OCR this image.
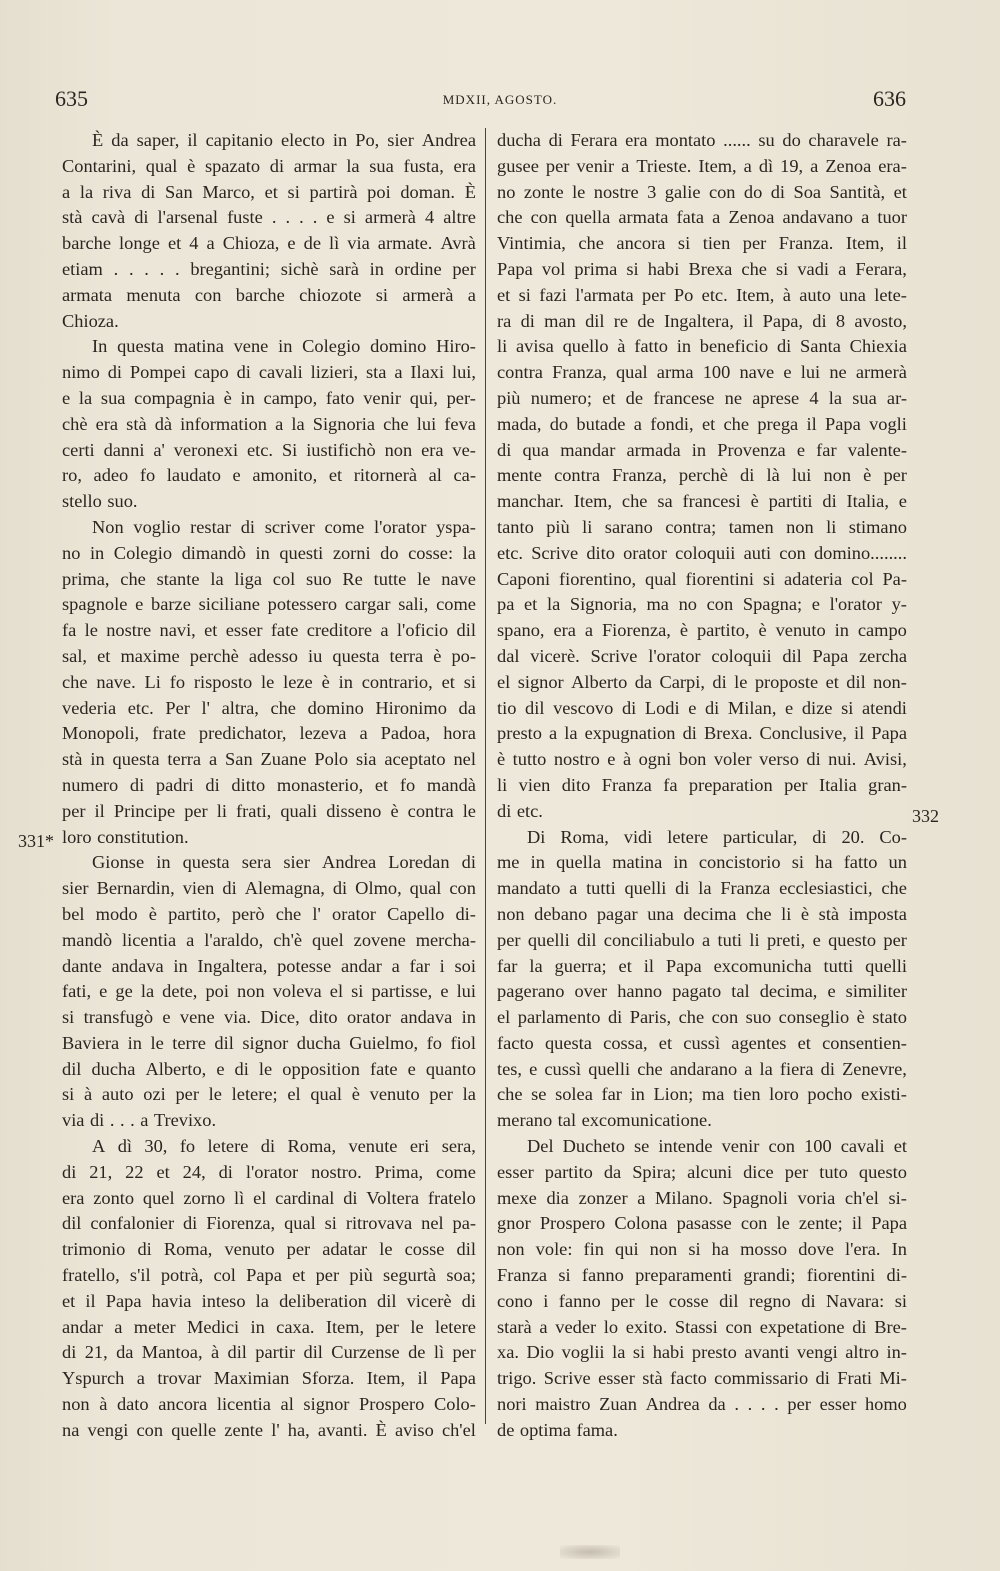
635	MDXII, AGOSTO.	636
È da saper, il capitanio electo in Po, sier Andrea
Contarini, qual è spazato di armar la sua fusta, era
a la riva di San Marco, et si partirà poi doman. È
stà cavà di l'arsenal fuste . . . . e si armerà 4 altre
barche longe et 4 a Chioza, e de lì via armate. Avrà
etiam . . . . . bregantini; sichè sarà in ordine per
armata menuta con barche chiozote si armerà a
Chioza.
In questa matina vene in Colegio domino Hiro-
nimo di Pompei capo di cavali lizieri, sta a Ilaxi lui,
e la sua compagnia è in campo, fato venir qui, per-
chè era stà dà information a la Signoria che lui feva
certi danni a' veronexi etc. Si iustifichò non era ve-
ro, adeo fo laudato e amonito, et ritornerà al ca-
stello suo.
Non voglio restar di scriver come l'orator yspa-
no in Colegio dimandò in questi zorni do cosse: la
prima, che stante la liga col suo Re tutte le nave
spagnole e barze siciliane potessero cargar sali, come
fa le nostre navi, et esser fate creditore a l'oficio dil
sal, et maxime perchè adesso iu questa terra è po-
che nave. Li fo risposto le leze è in contrario, et si
vederia etc. Per l' altra, che domino Hironimo da
Monopoli, frate predichator, lezeva a Padoa, hora
stà in questa terra a San Zuane Polo sia aceptato nel
numero di padri di ditto monasterio, et fo mandà
per il Principe per li frati, quali disseno è contra le
loro constitution.
Gionse in questa sera sier Andrea Loredan di
sier Bernardin, vien di Alemagna, di Olmo, qual con
bel modo è partito, però che l' orator Capello di-
mandò licentia a l'araldo, ch'è quel zovene mercha-
dante andava in Ingaltera, potesse andar a far i soi
fati, e ge la dete, poi non voleva el si partisse, e lui
si transfugò e vene via. Dice, dito orator andava in
Baviera in le terre dil signor ducha Guielmo, fo fiol
dil ducha Alberto, e di le opposition fate e quanto
si à auto ozi per le letere; el qual è venuto per la
via di . . . a Trevixo.
A dì 30, fo letere di Roma, venute eri sera,
di 21, 22 et 24, di l'orator nostro. Prima, come
era zonto quel zorno lì el cardinal di Voltera fratelo
dil confalonier di Fiorenza, qual si ritrovava nel pa-
trimonio di Roma, venuto per adatar le cosse dil
fratello, s'il potrà, col Papa et per più segurtà soa;
et il Papa havia inteso la deliberation dil vicerè di
andar a meter Medici in caxa. Item, per le letere
di 21, da Mantoa, à dil partir dil Curzense de lì per
Yspurch a trovar Maximian Sforza. Item, il Papa
non à dato ancora licentia al signor Prospero Colo-
na vengi con quelle zente l' ha, avanti. È aviso ch'el
ducha di Ferara era montato ...... su do charavele ra-
gusee per venir a Trieste. Item, a dì 19, a Zenoa era-
no zonte le nostre 3 galie con do di Soa Santità, et
che con quella armata fata a Zenoa andavano a tuor
Vintimia, che ancora si tien per Franza. Item, il
Papa vol prima si habi Brexa che si vadi a Ferara,
et si fazi l'armata per Po etc. Item, à auto una lete-
ra di man dil re de Ingaltera, il Papa, di 8 avosto,
li avisa quello à fatto in beneficio di Santa Chiexia
contra Franza, qual arma 100 nave e lui ne armerà
più numero; et de francese ne aprese 4 la sua ar-
mada, do butade a fondi, et che prega il Papa vogli
di qua mandar armada in Provenza e far valente-
mente contra Franza, perchè di là lui non è per
manchar. Item, che sa francesi è partiti di Italia, e
tanto più li sarano contra; tamen non li stimano
etc. Scrive dito orator coloquii auti con domino........
Caponi fiorentino, qual fiorentini si adateria col Pa-
pa et la Signoria, ma no con Spagna; e l'orator y-
spano, era a Fiorenza, è partito, è venuto in campo
dal vicerè. Scrive l'orator coloquii dil Papa zercha
el signor Alberto da Carpi, di le proposte et dil non-
tio dil vescovo di Lodi e di Milan, e dize si atendi
presto a la expugnation di Brexa. Conclusive, il Papa
è tutto nostro e à ogni bon voler verso di nui. Avisi,
li vien dito Franza fa preparation per Italia gran-
di etc.
Di Roma, vidi letere particular, di 20. Co-
me in quella matina in concistorio si ha fatto un
mandato a tutti quelli di la Franza ecclesiastici, che
non debano pagar una decima che li è stà imposta
per quelli dil conciliabulo a tuti li preti, e questo per
far la guerra; et il Papa excomunicha tutti quelli
pagerano over hanno pagato tal decima, e similiter
el parlamento di Paris, che con suo conseglio è stato
facto questa cossa, et cussì agentes et consentien-
tes, e cussì quelli che andarano a la fiera di Zenevre,
che se solea far in Lion; ma tien loro pocho existi-
merano tal excomunicatione.
Del Ducheto se intende venir con 100 cavali et
esser partito da Spira; alcuni dice per tuto questo
mexe dia zonzer a Milano. Spagnoli voria ch'el si-
gnor Prospero Colona pasasse con le zente; il Papa
non vole: fin qui non si ha mosso dove l'era. In
Franza si fanno preparamenti grandi; fiorentini di-
cono i fanno per le cosse dil regno di Navara: si
starà a veder lo exito. Stassi con expetatione di Bre-
xa. Dio voglii la si habi presto avanti vengi altro in-
trigo. Scrive esser stà facto commissario di Frati Mi-
nori maistro Zuan Andrea da . . . . per esser homo
de optima fama.
331*
332
